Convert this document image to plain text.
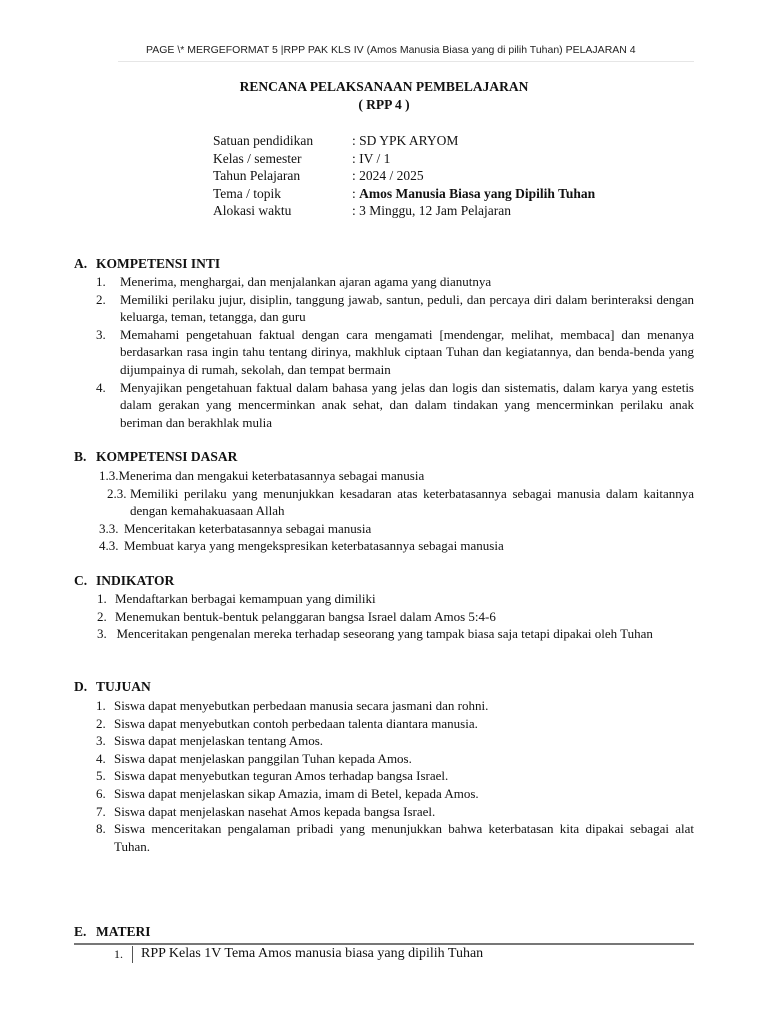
PAGE \* MERGEFORMAT 5 |RPP PAK KLS IV (Amos Manusia Biasa yang di pilih Tuhan) PELAJARAN 4
RENCANA PELAKSANAAN PEMBELAJARAN
( RPP 4 )
Satuan pendidikan	: SD YPK ARYOM
Kelas / semester	: IV / 1
Tahun Pelajaran	: 2024 / 2025
Tema / topik	: Amos Manusia Biasa yang Dipilih Tuhan
Alokasi waktu	: 3 Minggu, 12 Jam Pelajaran
A. KOMPETENSI INTI
1.	Menerima, menghargai, dan menjalankan ajaran agama yang dianutnya
2.	Memiliki perilaku jujur, disiplin, tanggung jawab, santun, peduli, dan percaya diri dalam berinteraksi dengan keluarga, teman, tetangga, dan guru
3.	Memahami pengetahuan faktual dengan cara mengamati [mendengar, melihat, membaca] dan menanya berdasarkan rasa ingin tahu tentang dirinya, makhluk ciptaan Tuhan dan kegiatannya, dan benda-benda yang dijumpainya di rumah, sekolah, dan tempat bermain
4.	Menyajikan pengetahuan faktual dalam bahasa yang jelas dan logis dan sistematis, dalam karya yang estetis dalam gerakan yang mencerminkan anak sehat, dan dalam tindakan yang mencerminkan perilaku anak beriman dan berakhlak mulia
B. KOMPETENSI DASAR
1.3. Menerima dan mengakui keterbatasannya sebagai manusia
2.3. Memiliki perilaku yang menunjukkan kesadaran atas keterbatasannya sebagai manusia dalam kaitannya dengan kemahakuasaan Allah
3.3. Menceritakan keterbatasannya sebagai manusia
4.3. Membuat karya yang mengekspresikan keterbatasannya sebagai manusia
C. INDIKATOR
1. Mendaftarkan berbagai kemampuan yang dimiliki
2. Menemukan bentuk-bentuk pelanggaran bangsa Israel dalam Amos 5:4-6
3. Menceritakan pengenalan mereka terhadap seseorang yang tampak biasa saja tetapi dipakai oleh Tuhan
D. TUJUAN
1. Siswa dapat menyebutkan perbedaan manusia secara jasmani dan rohni.
2. Siswa dapat menyebutkan contoh perbedaan talenta diantara manusia.
3. Siswa dapat menjelaskan tentang Amos.
4. Siswa dapat menjelaskan panggilan Tuhan kepada Amos.
5. Siswa dapat menyebutkan teguran Amos terhadap bangsa Israel.
6. Siswa dapat menjelaskan sikap Amazia, imam di Betel, kepada Amos.
7. Siswa dapat menjelaskan nasehat Amos kepada bangsa Israel.
8. Siswa menceritakan pengalaman pribadi yang menunjukkan bahwa keterbatasan kita dipakai sebagai alat Tuhan.
E. MATERI
1.	RPP Kelas 1V Tema Amos manusia biasa yang dipilih Tuhan
